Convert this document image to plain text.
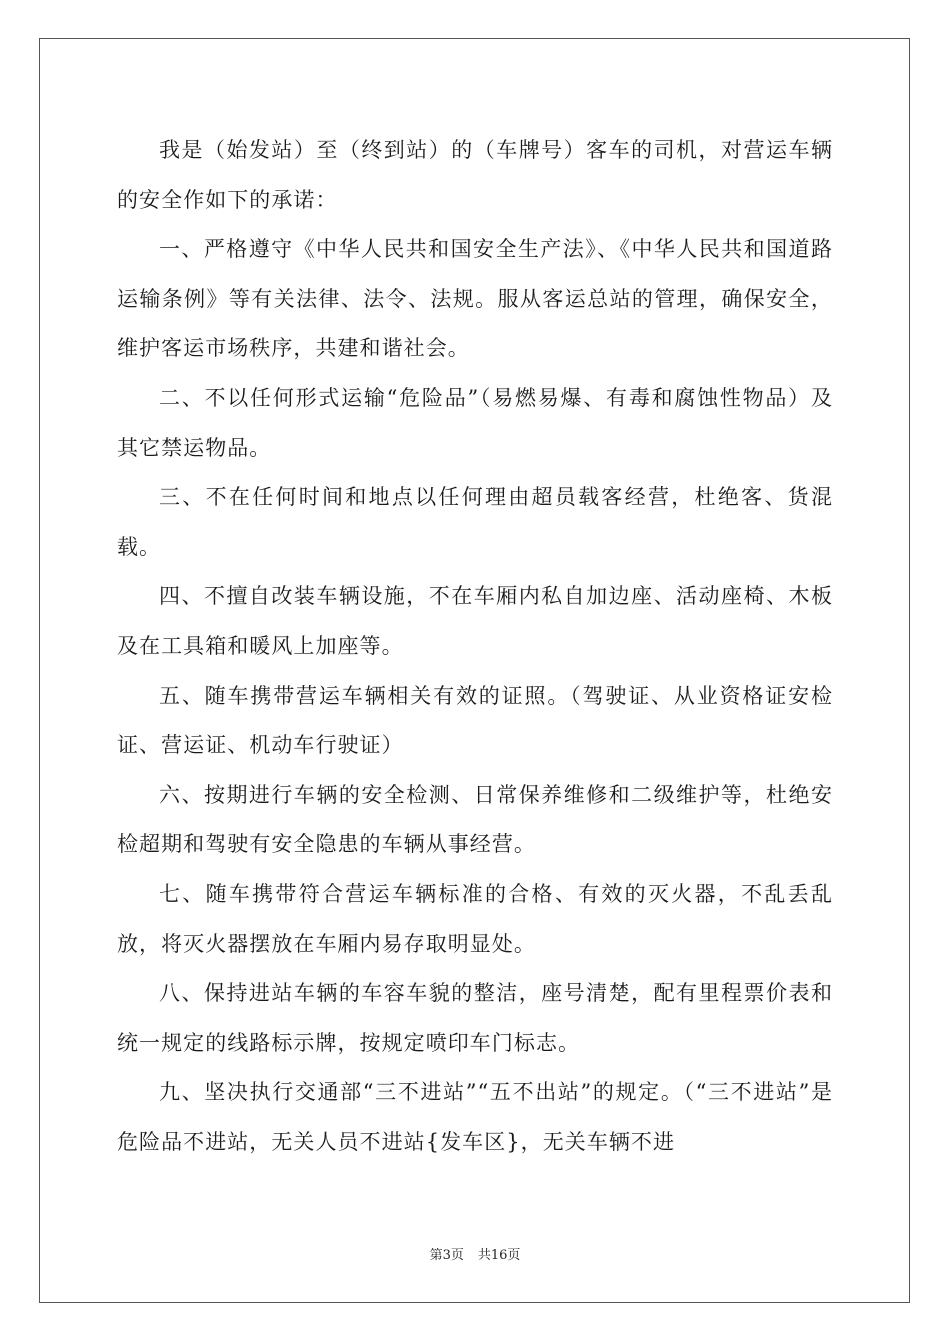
我是（始发站）至（终到站）的（车牌号）客车的司机，对营运车辆的安全作如下的承诺：

一、严格遵守《中华人民共和国安全生产法》、《中华人民共和国道路运输条例》等有关法律、法令、法规。服从客运总站的管理，确保安全，维护客运市场秩序，共建和谐社会。

二、不以任何形式运输“危险品”（易燃易爆、有毒和腐蚀性物品）及其它禁运物品。

三、不在任何时间和地点以任何理由超员载客经营，杜绝客、货混载。

四、不擅自改装车辆设施，不在车厢内私自加边座、活动座椅、木板及在工具箱和暖风上加座等。

五、随车携带营运车辆相关有效的证照。（驾驶证、从业资格证安检证、营运证、机动车行驶证）

六、按期进行车辆的安全检测、日常保养维修和二级维护等，杜绝安检超期和驾驶有安全隐患的车辆从事经营。

七、随车携带符合营运车辆标准的合格、有效的灭火器，不乱丢乱放，将灭火器摆放在车厢内易存取明显处。

八、保持进站车辆的车容车貌的整洁，座号清楚，配有里程票价表和统一规定的线路标示牌，按规定喷印车门标志。

九、坚决执行交通部“三不进站”“五不出站”的规定。（“三不进站”是危险品不进站，无关人员不进站{发车区}，无关车辆不进

第3页 共16页
